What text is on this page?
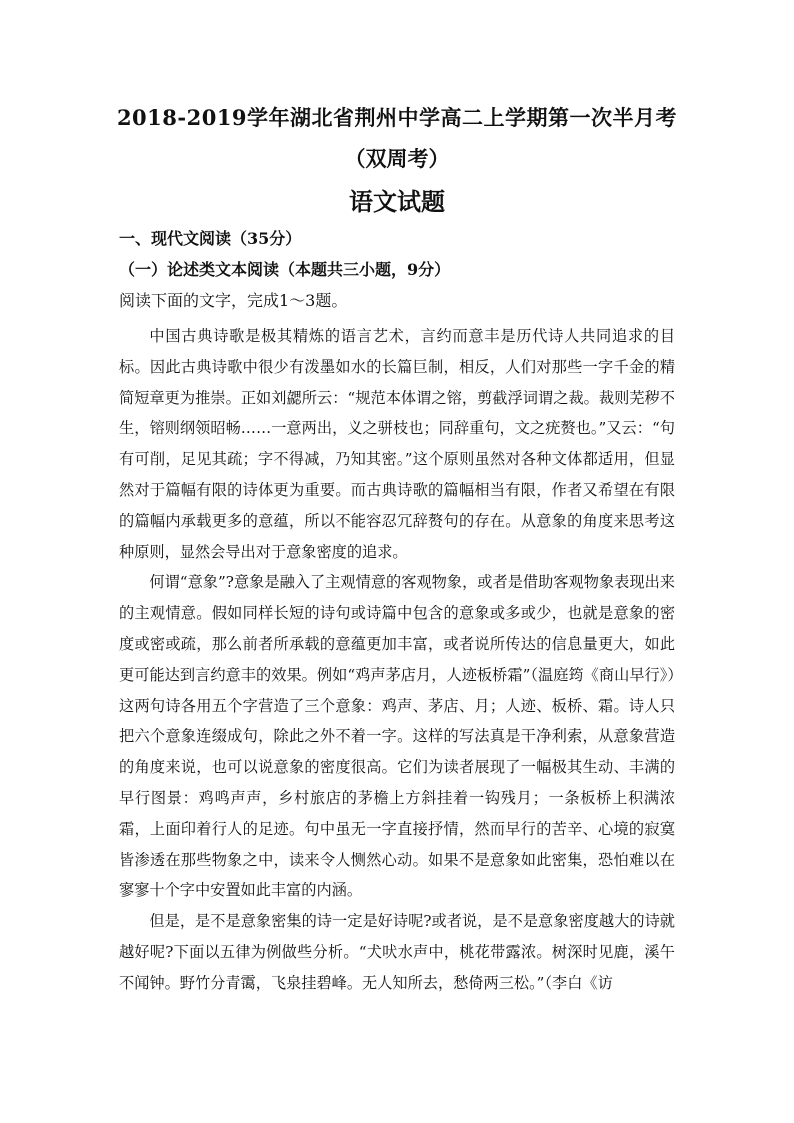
2018-2019学年湖北省荆州中学高二上学期第一次半月考
（双周考）
语文试题
一、现代文阅读（35分）
（一）论述类文本阅读（本题共三小题，9分）
阅读下面的文字，完成1～3题。

中国古典诗歌是极其精炼的语言艺术，言约而意丰是历代诗人共同追求的目标。因此古典诗歌中很少有泼墨如水的长篇巨制，相反，人们对那些一字千金的精简短章更为推崇。正如刘勰所云：“规范本体谓之镕，剪截浮词谓之裁。裁则芜秽不生，镕则纲领昭畅……一意两出，义之骈枝也；同辞重句，文之疣赘也。”又云：“句有可削，足见其疏；字不得减，乃知其密。”这个原则虽然对各种文体都适用，但显然对于篇幅有限的诗体更为重要。而古典诗歌的篇幅相当有限，作者又希望在有限的篇幅内承载更多的意蕴，所以不能容忍冗辞赘句的存在。从意象的角度来思考这种原则，显然会导出对于意象密度的追求。

何谓“意象”?意象是融入了主观情意的客观物象，或者是借助客观物象表现出来的主观情意。假如同样长短的诗句或诗篇中包含的意象或多或少，也就是意象的密度或密或疏，那么前者所承载的意蕴更加丰富，或者说所传达的信息量更大，如此更可能达到言约意丰的效果。例如“鸡声茅店月，人迹板桥霜”（温庭筠《商山早行》）这两句诗各用五个字营造了三个意象：鸡声、茅店、月；人迹、板桥、霜。诗人只把六个意象连缀成句，除此之外不着一字。这样的写法真是干净利索，从意象营造的角度来说，也可以说意象的密度很高。它们为读者展现了一幅极其生动、丰满的早行图景：鸡鸣声声，乡村旅店的茅檐上方斜挂着一钩残月；一条板桥上积满浓霜，上面印着行人的足迹。句中虽无一字直接抒情，然而早行的苦辛、心境的寂寞皆渗透在那些物象之中，读来令人恻然心动。如果不是意象如此密集，恐怕难以在寥寥十个字中安置如此丰富的内涵。

但是，是不是意象密集的诗一定是好诗呢?或者说，是不是意象密度越大的诗就越好呢?下面以五律为例做些分析。“犬吠水声中，桃花带露浓。树深时见鹿，溪午不闻钟。野竹分青霭，飞泉挂碧峰。无人知所去，愁倚两三松。”（李白《访
